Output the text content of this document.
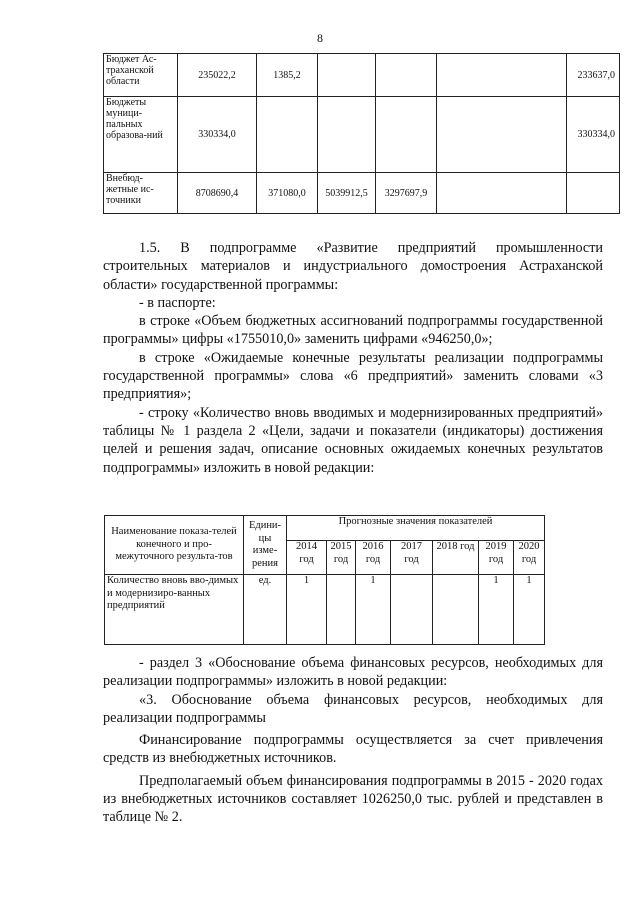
8
Бюджет Ас-траханской области	235022,2	1385,2				233637,0
Бюджеты муници-пальных образова-ний	330334,0					330334,0
Внебюд-жетные ис-точники	8708690,4	371080,0	5039912,5	3297697,9		

1.5. В подпрограмме «Развитие предприятий промышленности строительных материалов и индустриального домостроения Астраханской области» государственной программы:

- в паспорте:

в строке «Объем бюджетных ассигнований подпрограммы государственной программы» цифры «1755010,0» заменить цифрами «946250,0»;

в строке «Ожидаемые конечные результаты реализации подпрограммы государственной программы» слова «6 предприятий» заменить словами «3 предприятия»;

- строку «Количество вновь вводимых и модернизированных предприятий» таблицы № 1 раздела 2 «Цели, задачи и показатели (индикаторы) достижения целей и решения задач, описание основных ожидаемых конечных результатов подпрограммы» изложить в новой редакции:

Наименование показа-телей конечного и про-межуточного результа-тов	Едини-цы изме-рения	Прогнозные значения показателей						
		2014 год	2015 год	2016 год	2017 год	2018 год	2019 год	2020 год
Количество вновь вво-димых и модернизиро-ванных предприятий	ед.	1		1			1	1

- раздел 3 «Обоснование объема финансовых ресурсов, необходимых для реализации подпрограммы» изложить в новой редакции:

«3. Обоснование объема финансовых ресурсов, необходимых для реализации подпрограммы

Финансирование подпрограммы осуществляется за счет привлечения средств из внебюджетных источников.

Предполагаемый объем финансирования подпрограммы в 2015 - 2020 годах из внебюджетных источников составляет 1026250,0 тыс. рублей и представлен в таблице № 2.
